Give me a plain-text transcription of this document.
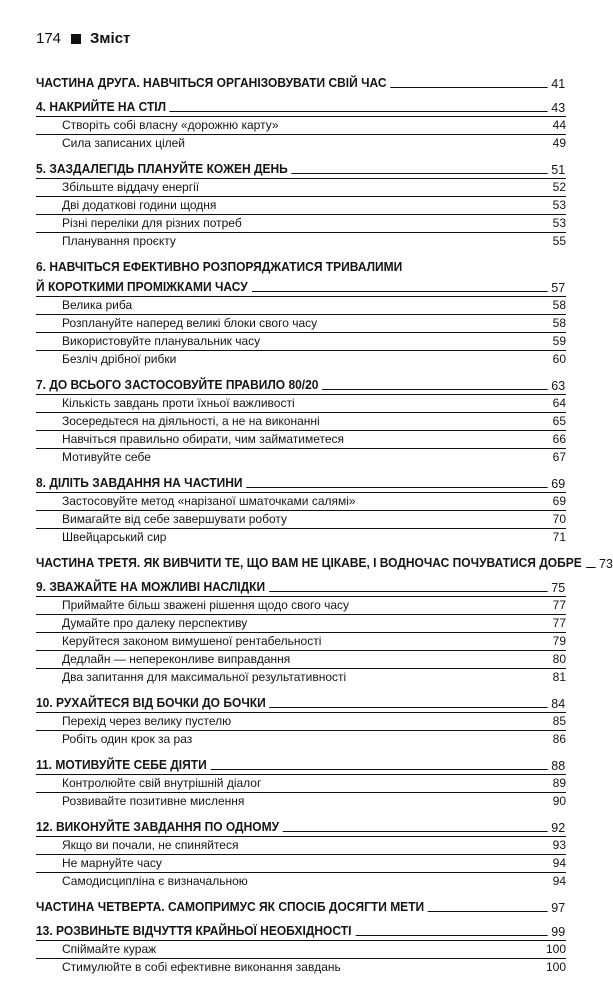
174 Зміст
ЧАСТИНА ДРУГА. НАВЧІТЬСЯ ОРГАНІЗОВУВАТИ СВІЙ ЧАС	41
4. НАКРИЙТЕ НА СТІЛ	43
Створіть собі власну «дорожню карту»	44
Сила записаних цілей	49
5. ЗАЗДАЛЕГІДЬ ПЛАНУЙТЕ КОЖЕН ДЕНЬ	51
Збільште віддачу енергії	52
Дві додаткові години щодня	53
Різні переліки для різних потреб	53
Планування проєкту	55
6. НАВЧІТЬСЯ ЕФЕКТИВНО РОЗПОРЯДЖАТИСЯ ТРИВАЛИМИ
Й КОРОТКИМИ ПРОМІЖКАМИ ЧАСУ	57
Велика риба	58
Розплануйте наперед великі блоки свого часу	58
Використовуйте планувальник часу	59
Безліч дрібної рибки	60
7. ДО ВСЬОГО ЗАСТОСОВУЙТЕ ПРАВИЛО 80/20	63
Кількість завдань проти їхньої важливості	64
Зосередьтеся на діяльності, а не на виконанні	65
Навчіться правильно обирати, чим займатиметеся	66
Мотивуйте себе	67
8. ДІЛІТЬ ЗАВДАННЯ НА ЧАСТИНИ	69
Застосовуйте метод «нарізаної шматочками салямі»	69
Вимагайте від себе завершувати роботу	70
Швейцарський сир	71
ЧАСТИНА ТРЕТЯ. ЯК ВИВЧИТИ ТЕ, ЩО ВАМ НЕ ЦІКАВЕ, І ВОДНОЧАС ПОЧУВАТИСЯ ДОБРЕ 73
9. ЗВАЖАЙТЕ НА МОЖЛИВІ НАСЛІДКИ	75
Приймайте більш зважені рішення щодо свого часу	77
Думайте про далеку перспективу	77
Керуйтеся законом вимушеної рентабельності	79
Дедлайн — непереконливе виправдання	80
Два запитання для максимальної результативності	81
10. РУХАЙТЕСЯ ВІД БОЧКИ ДО БОЧКИ	84
Перехід через велику пустелю	85
Робіть один крок за раз	86
11. МОТИВУЙТЕ СЕБЕ ДІЯТИ	88
Контролюйте свій внутрішній діалог	89
Розвивайте позитивне мислення	90
12. ВИКОНУЙТЕ ЗАВДАННЯ ПО ОДНОМУ	92
Якщо ви почали, не спиняйтеся	93
Не марнуйте часу	94
Самодисципліна є визначальною	94
ЧАСТИНА ЧЕТВЕРТА. САМОПРИМУС ЯК СПОСІБ ДОСЯГТИ МЕТИ	97
13. РОЗВИНЬТЕ ВІДЧУТТЯ КРАЙНЬОЇ НЕОБХІДНОСТІ	99
Спіймайте кураж	100
Стимулюйте в собі ефективне виконання завдань	100
